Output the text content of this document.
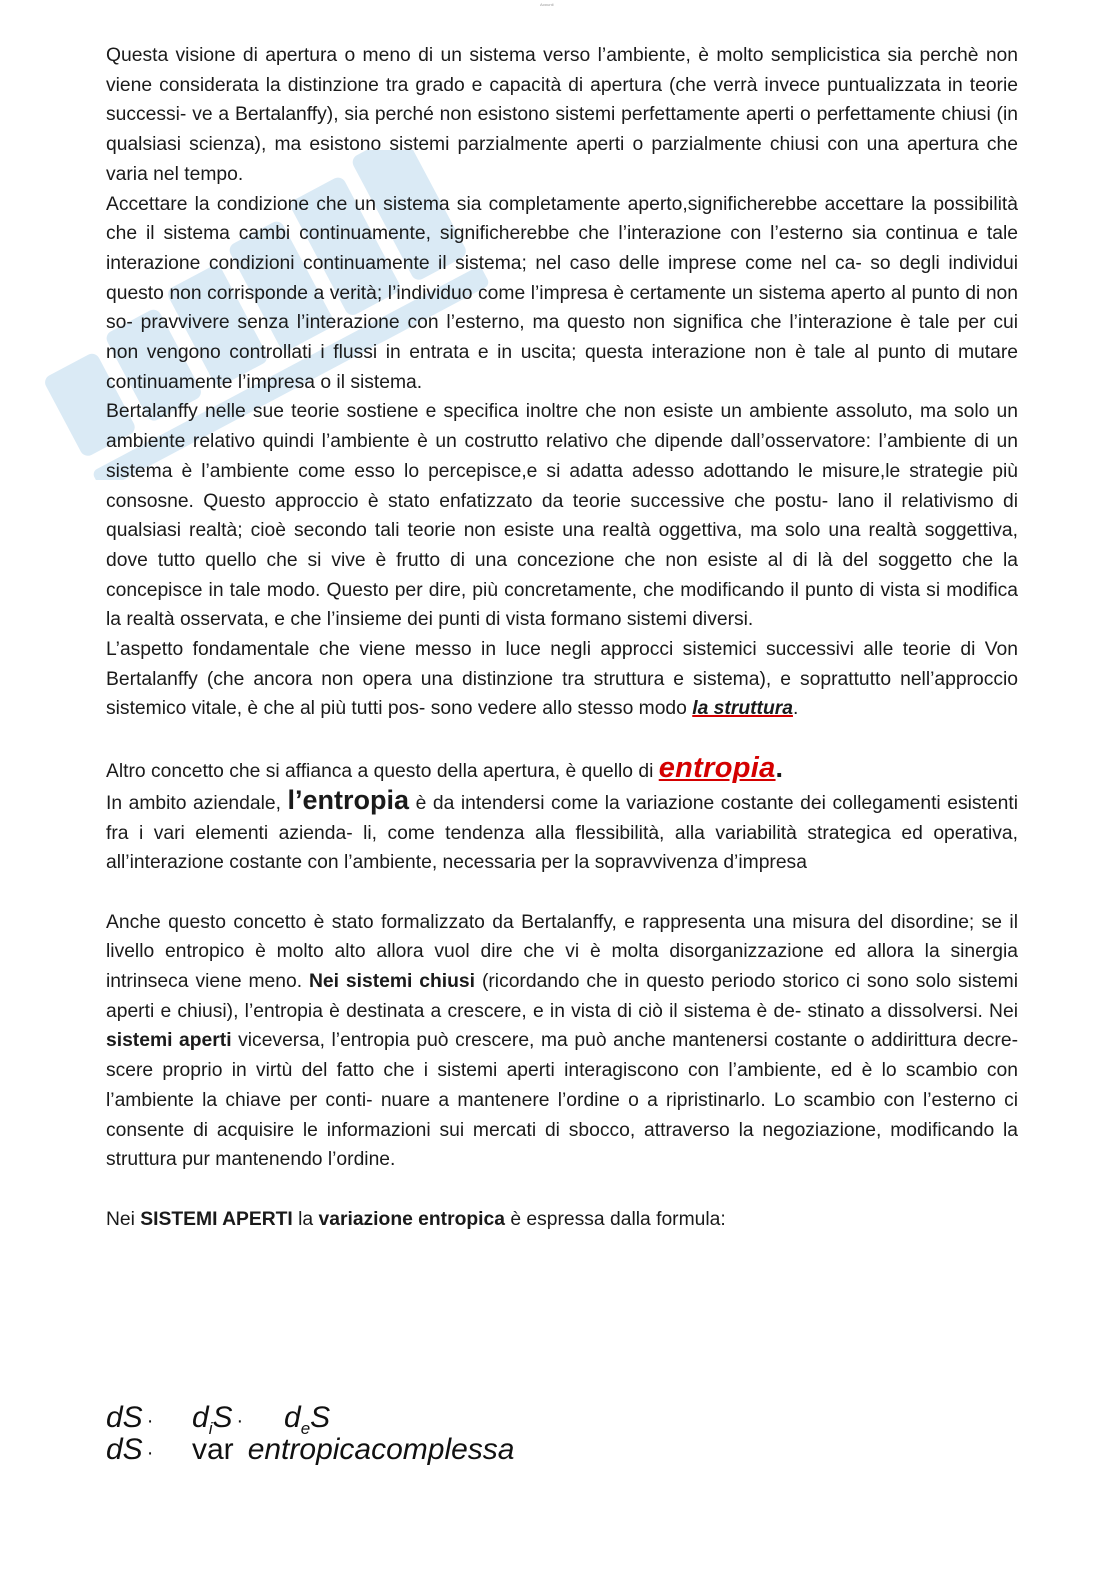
Appunti

Questa visione di apertura o meno di un sistema verso l’ambiente, è molto semplicistica sia perchè non viene considerata la distinzione tra grado e capacità di apertura (che verrà invece puntualizzata in teorie successi- ve a Bertalanffy), sia perché non esistono sistemi perfettamente aperti o perfettamente chiusi (in qualsiasi scienza), ma esistono sistemi parzialmente aperti o parzialmente chiusi con una apertura che varia nel tempo.

Accettare la condizione che un sistema sia completamente aperto,significherebbe accettare la possibilità che il sistema cambi continuamente, significherebbe che l’interazione con l’esterno sia continua e tale interazione condizioni continuamente il sistema; nel caso delle imprese come nel ca- so degli individui questo non corrisponde a verità; l’individuo come l’impresa è certamente un sistema aperto al punto di non so- pravvivere senza l’interazione con l’esterno, ma questo non significa che l’interazione è tale per cui non vengono controllati i flussi in entrata e in uscita; questa interazione non è tale al punto di mutare continuamente l’impresa o il sistema.

Bertalanffy nelle sue teorie sostiene e specifica inoltre che non esiste un ambiente assoluto, ma solo un ambiente relativo quindi l’ambiente è un costrutto relativo che dipende dall’osservatore: l’ambiente di un sistema è l’ambiente come esso lo percepisce,e si adatta adesso adottando le misure,le strategie più consosne. Questo approccio è stato enfatizzato da teorie successive che postu- lano il relativismo di qualsiasi realtà; cioè secondo tali teorie non esiste una realtà oggettiva, ma solo una realtà soggettiva, dove tutto quello che si vive è frutto di una concezione che non esiste al di là del soggetto che la concepisce in tale modo. Questo per dire, più concretamente, che modificando il punto di vista si modifica la realtà osservata, e che l’insieme dei punti di vista formano sistemi diversi.

L’aspetto fondamentale che viene messo in luce negli approcci sistemici successivi alle teorie di Von Bertalanffy (che ancora non opera una distinzione tra struttura e sistema), e soprattutto nell’approccio sistemico vitale, è che al più tutti pos- sono vedere allo stesso modo la struttura.

Altro concetto che si affianca a questo della apertura, è quello di entropia.

In ambito aziendale, l’entropia è da intendersi come la variazione costante dei collegamenti esistenti fra i vari elementi azienda- li, come tendenza alla flessibilità, alla variabilità strategica ed operativa, all’interazione costante con l’ambiente, necessaria per la sopravvivenza d’impresa

Anche questo concetto è stato formalizzato da Bertalanffy, e rappresenta una misura del disordine; se il livello entropico è molto alto allora vuol dire che vi è molta disorganizzazione ed allora la sinergia intrinseca viene meno. Nei sistemi chiusi (ricordando che in questo periodo storico ci sono solo sistemi aperti e chiusi), l’entropia è destinata a crescere, e in vista di ciò il sistema è de- stinato a dissolversi. Nei sistemi aperti viceversa, l’entropia può crescere, ma può anche mantenersi costante o addirittura decre- scere proprio in virtù del fatto che i sistemi aperti interagiscono con l’ambiente, ed è lo scambio con l’ambiente la chiave per conti- nuare a mantenere l’ordine o a ripristinarlo. Lo scambio con l’esterno ci consente di acquisire le informazioni sui mercati di sbocco, attraverso la negoziazione, modificando la struttura pur mantenendo l’ordine.

Nei SISTEMI APERTI la variazione entropica è espressa dalla formula:

dS ·	$d_iS$ ·	$d_eS$
dS ·	var entropicacomplessa
